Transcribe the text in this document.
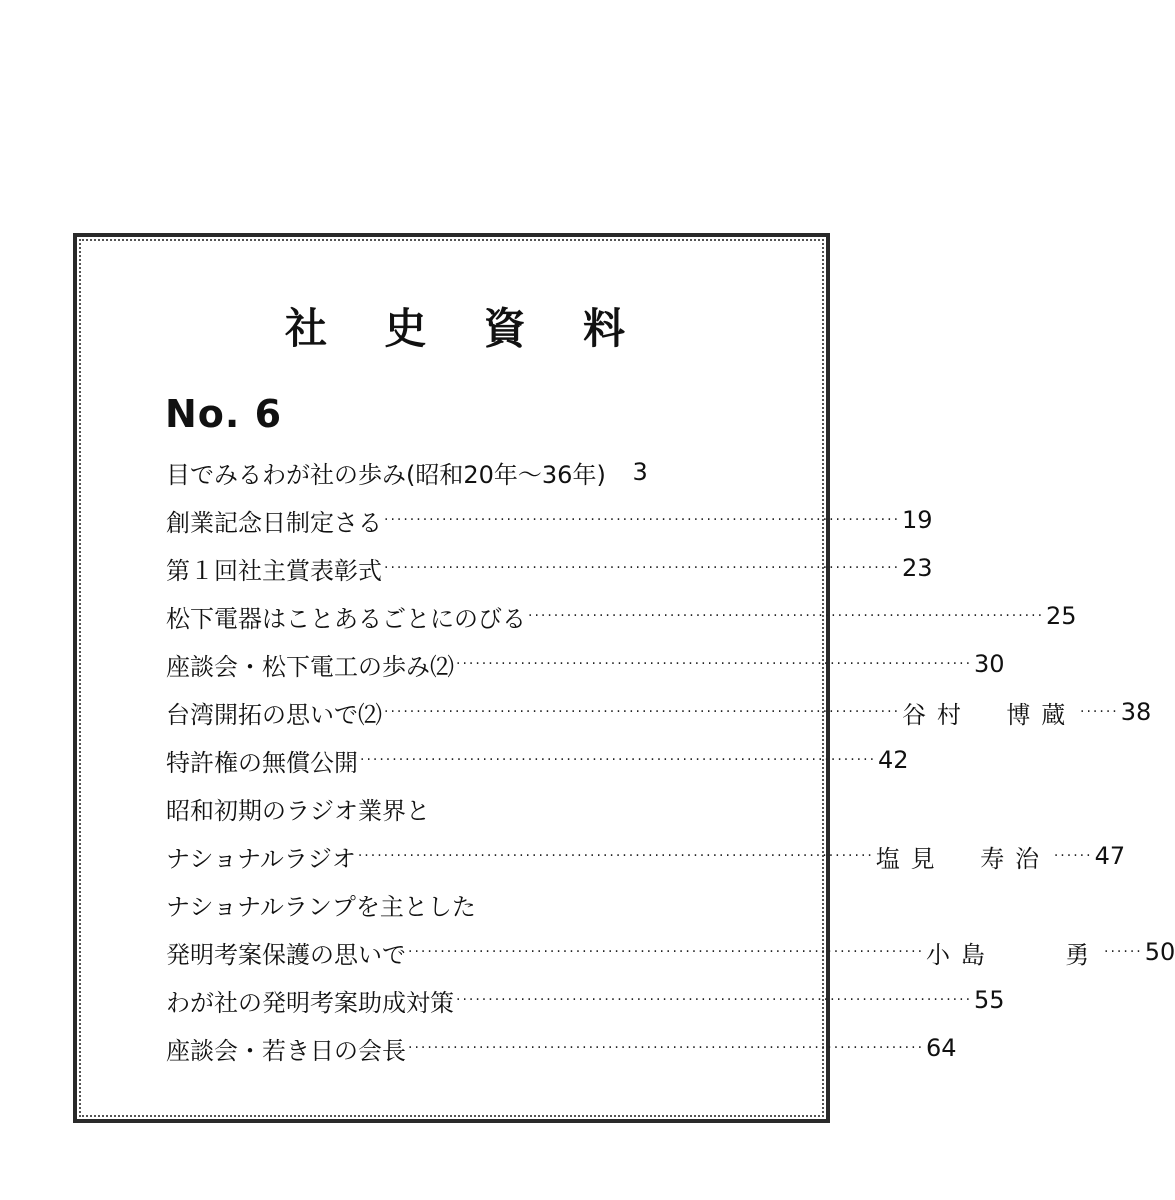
社 史 資 料
No. 6
目でみるわが社の歩み(昭和20年～36年)	3
創業記念日制定さる ················································································ 19
第１回社主賞表彰式 ················································································ 23
松下電器はことあるごとにのびる ················································································ 25
座談会・松下電工の歩み⑵ ················································································ 30
台湾開拓の思いで⑵ ················································································ 谷村　博蔵 ······ 38
特許権の無償公開 ················································································ 42
昭和初期のラジオ業界と
ナショナルラジオ ················································································ 塩見　寿治 ······ 47
ナショナルランプを主とした
発明考案保護の思いで ················································································ 小島　　勇 ······ 50
わが社の発明考案助成対策 ················································································ 55
座談会・若き日の会長 ················································································ 64
